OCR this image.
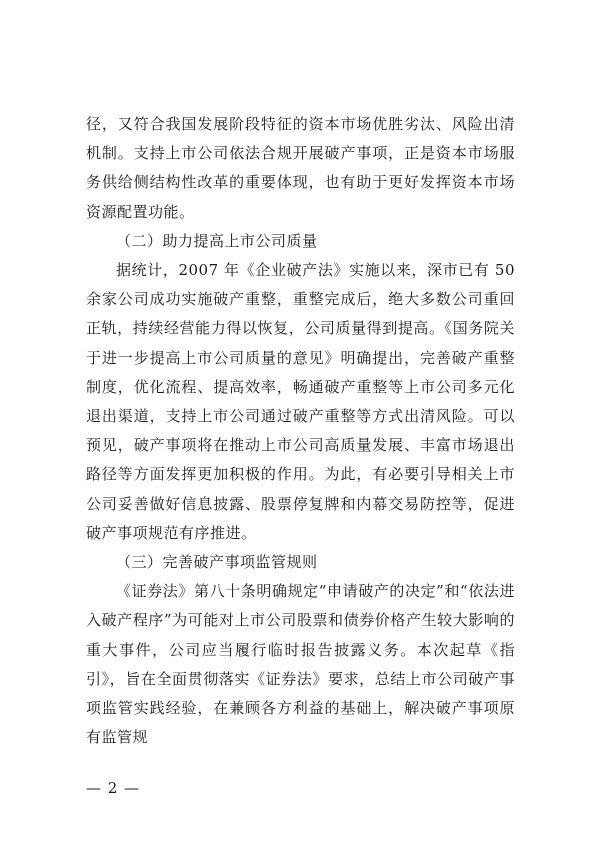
径，又符合我国发展阶段特征的资本市场优胜劣汰、风险出清机制。支持上市公司依法合规开展破产事项，正是资本市场服务供给侧结构性改革的重要体现，也有助于更好发挥资本市场资源配置功能。

（二）助力提高上市公司质量

据统计，2007 年《企业破产法》实施以来，深市已有 50 余家公司成功实施破产重整，重整完成后，绝大多数公司重回正轨，持续经营能力得以恢复，公司质量得到提高。《国务院关于进一步提高上市公司质量的意见》明确提出，完善破产重整制度，优化流程、提高效率，畅通破产重整等上市公司多元化退出渠道，支持上市公司通过破产重整等方式出清风险。可以预见，破产事项将在推动上市公司高质量发展、丰富市场退出路径等方面发挥更加积极的作用。为此，有必要引导相关上市公司妥善做好信息披露、股票停复牌和内幕交易防控等，促进破产事项规范有序推进。

（三）完善破产事项监管规则

《证券法》第八十条明确规定“申请破产的决定”和“依法进入破产程序”为可能对上市公司股票和债券价格产生较大影响的重大事件，公司应当履行临时报告披露义务。本次起草《指引》，旨在全面贯彻落实《证券法》要求，总结上市公司破产事项监管实践经验，在兼顾各方利益的基础上，解决破产事项原有监管规

— 2 —
